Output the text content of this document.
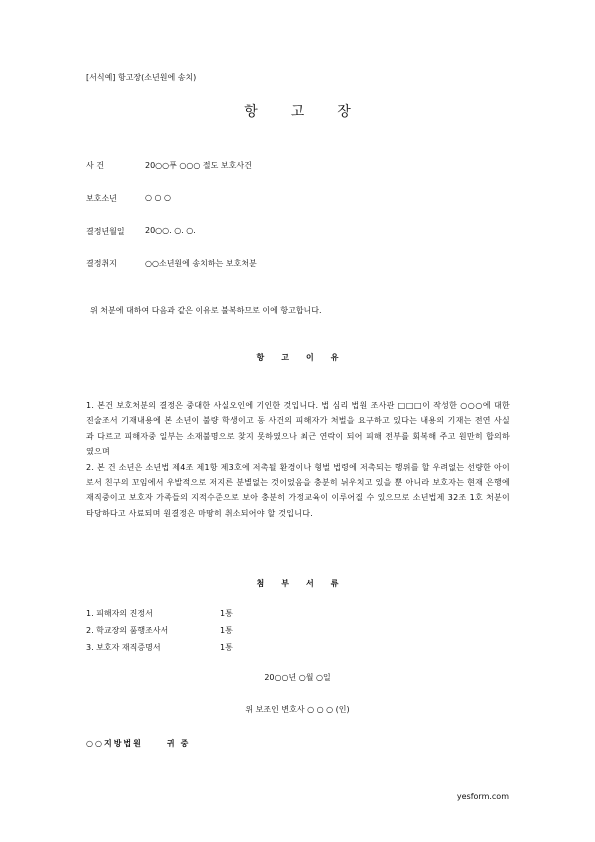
[서식예] 항고장(소년원에 송치)
항고장
사 건	20○○푸 ○○○ 절도 보호사건
보호소년	○ ○ ○
결정년월일	20○○. ○. ○.
결정취지	○○소년원에 송치하는 보호처분
위 처분에 대하여 다음과 같은 이유로 불복하므로 이에 항고합니다.
항고이유

1. 본건 보호처분의 결정은 중대한 사실오인에 기인한 것입니다. 법 심리 법원 조사관 □□□이 작성한 ○○○에 대한 진술조서 기재내용에 본 소년이 불량 학생이고 동 사건의 피해자가 처벌을 요구하고 있다는 내용의 기재는 전연 사실과 다르고 피해자중 일부는 소재불명으로 찾지 못하였으나 최근 연락이 되어 피해 전부를 회복해 주고 원만히 합의하였으며

2. 본 건 소년은 소년법 제4조 제1항 제3호에 저촉될 환경이나 형벌 법령에 저촉되는 행위를 할 우려없는 선량한 아이로서 친구의 꼬임에서 우발적으로 저지른 분별없는 것이었음을 충분히 뉘우치고 있을 뿐 아니라 보호자는 현재 은행에 재직중이고 보호자 가족들의 지적수준으로 보아 충분히 가정교육이 이루어질 수 있으므로 소년법제 32조 1호 처분이 타당하다고 사료되며 원결정은 마땅히 취소되어야 할 것입니다.

첨부서류
1. 피해자의 진정서	1통
2. 학교장의 품행조사서	1통
3. 보호자 재직증명서	1통
20○○년 ○월 ○일
위 보조인 변호사 ○ ○ ○ (인)
○○지방법원	귀중
yesform.com
